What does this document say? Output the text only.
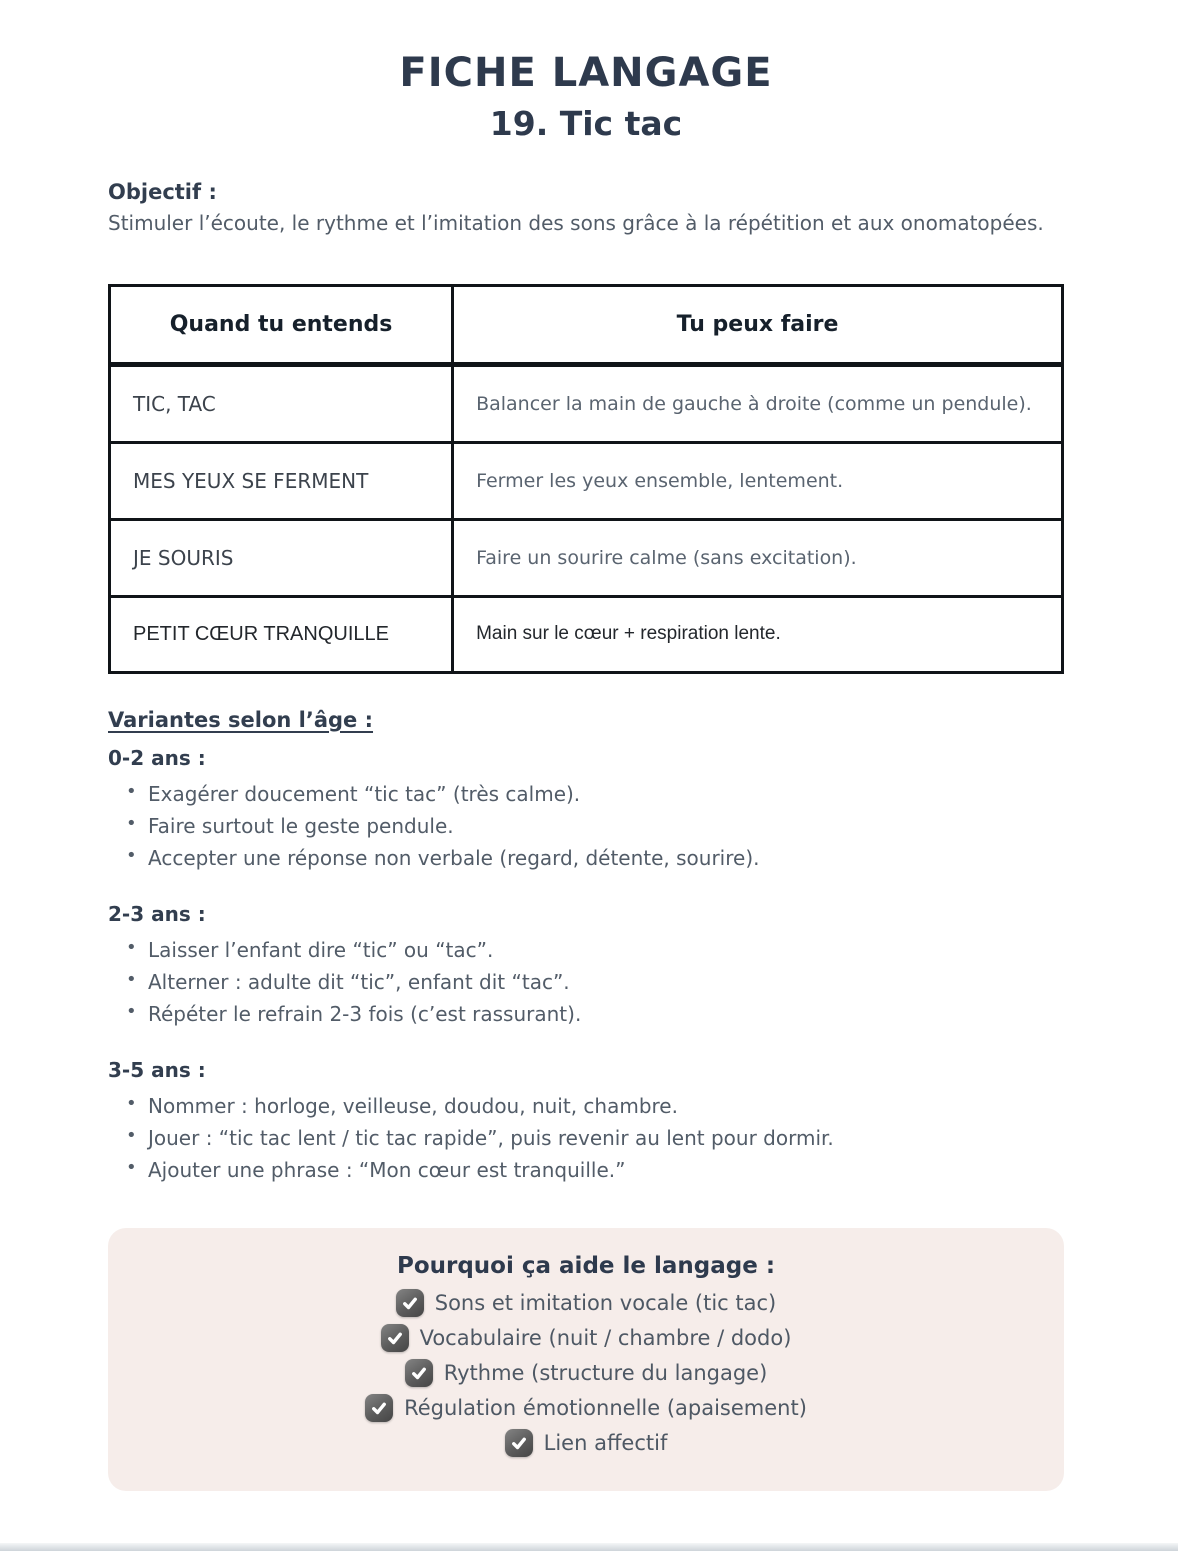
FICHE LANGAGE
19. Tic tac

Objectif :

Stimuler l’écoute, le rythme et l’imitation des sons grâce à la répétition et aux onomatopées.

Quand tu entends	Tu peux faire
TIC, TAC	Balancer la main de gauche à droite (comme un pendule).
MES YEUX SE FERMENT	Fermer les yeux ensemble, lentement.
JE SOURIS	Faire un sourire calme (sans excitation).
PETIT CŒUR TRANQUILLE	Main sur le cœur + respiration lente.

Variantes selon l’âge :

0-2 ans :

• Exagérer doucement “tic tac” (très calme).
• Faire surtout le geste pendule.
• Accepter une réponse non verbale (regard, détente, sourire).

2-3 ans :

• Laisser l’enfant dire “tic” ou “tac”.
• Alterner : adulte dit “tic”, enfant dit “tac”.
• Répéter le refrain 2-3 fois (c’est rassurant).

3-5 ans :

• Nommer : horloge, veilleuse, doudou, nuit, chambre.
• Jouer : “tic tac lent / tic tac rapide”, puis revenir au lent pour dormir.
• Ajouter une phrase : “Mon cœur est tranquille.”

Pourquoi ça aide le langage :

Sons et imitation vocale (tic tac)
Vocabulaire (nuit / chambre / dodo)
Rythme (structure du langage)
Régulation émotionnelle (apaisement)
Lien affectif
